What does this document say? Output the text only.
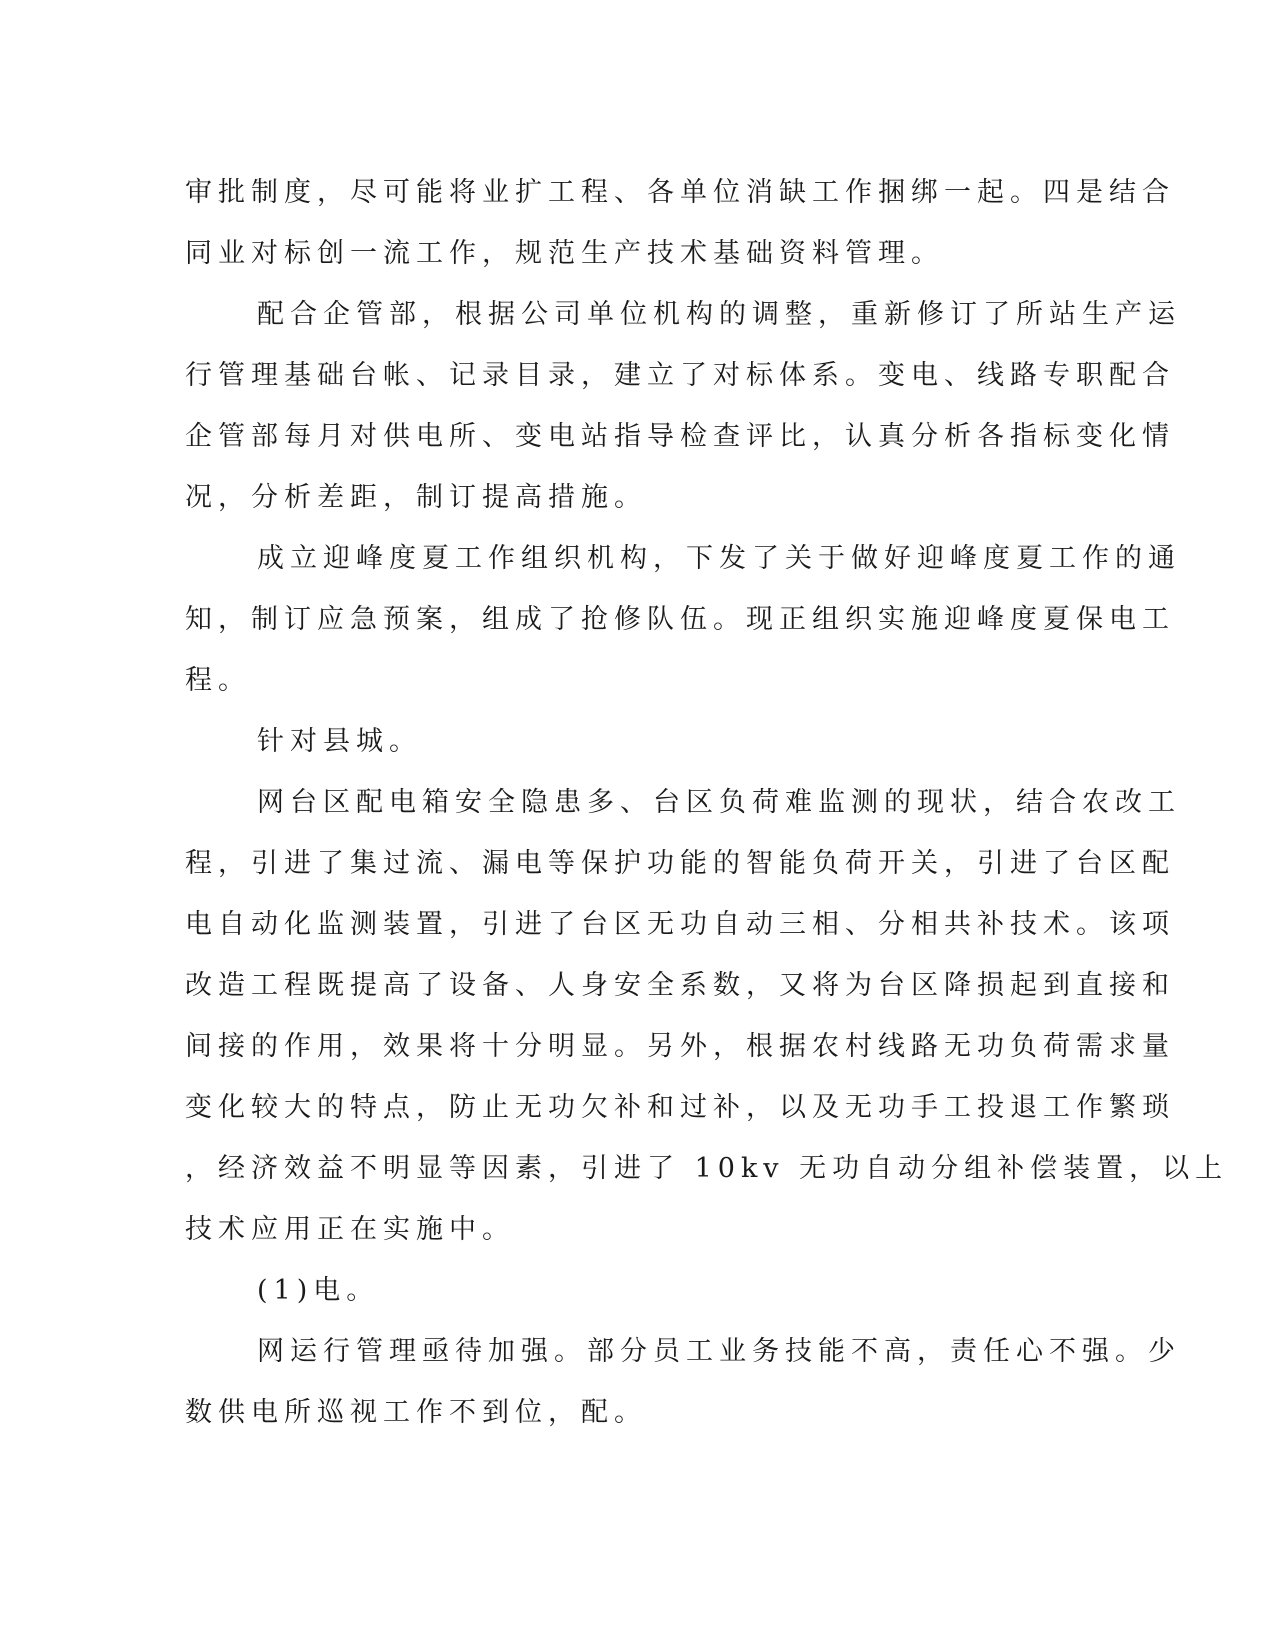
审批制度，尽可能将业扩工程、各单位消缺工作捆绑一起。四是结合

同业对标创一流工作，规范生产技术基础资料管理。

配合企管部，根据公司单位机构的调整，重新修订了所站生产运

行管理基础台帐、记录目录，建立了对标体系。变电、线路专职配合

企管部每月对供电所、变电站指导检查评比，认真分析各指标变化情

况，分析差距，制订提高措施。

成立迎峰度夏工作组织机构，下发了关于做好迎峰度夏工作的通

知，制订应急预案，组成了抢修队伍。现正组织实施迎峰度夏保电工

程。

针对县城。

网台区配电箱安全隐患多、台区负荷难监测的现状，结合农改工

程，引进了集过流、漏电等保护功能的智能负荷开关，引进了台区配

电自动化监测装置，引进了台区无功自动三相、分相共补技术。该项

改造工程既提高了设备、人身安全系数，又将为台区降损起到直接和

间接的作用，效果将十分明显。另外，根据农村线路无功负荷需求量

变化较大的特点，防止无功欠补和过补，以及无功手工投退工作繁琐

，经济效益不明显等因素，引进了 10kv 无功自动分组补偿装置，以上

技术应用正在实施中。

(1)电。

网运行管理亟待加强。部分员工业务技能不高，责任心不强。少

数供电所巡视工作不到位，配。
